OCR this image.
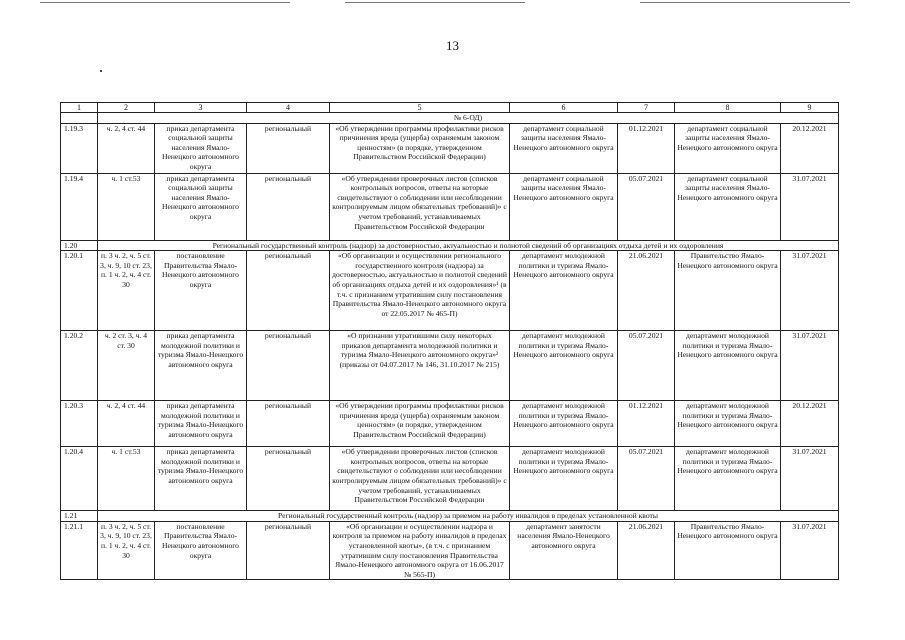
13
1	2	3	4	5	6	7	8	9
	№ 6-ОД)							
1.19.3	ч. 2, 4 ст. 44	приказ департамента социальной защиты населения Ямало-Ненецкого автономного округа	региональный	«Об утверждении программы профилактики рисков причинения вреда (ущерба) охраняемым законом ценностям» (в порядке, утвержденном Правительством Российской Федерации)	департамент социальной защиты населения Ямало-Ненецкого автономного округа	01.12.2021	департамент социальной защиты населения Ямало-Ненецкого автономного округа	20.12.2021
1.19.4	ч. 1 ст.53	приказ департамента социальной защиты населения Ямало-Ненецкого автономного округа	региональный	«Об утверждении проверочных листов (списков контрольных вопросов, ответы на которые свидетельствуют о соблюдении или несоблюдении контролируемым лицом обязательных требований)» с учетом требований, устанавливаемых Правительством Российской Федерации	департамент социальной защиты населения Ямало-Ненецкого автономного округа	05.07.2021	департамент социальной защиты населения Ямало-Ненецкого автономного округа	31.07.2021
1.20	Региональный государственный контроль (надзор) за достоверностью, актуальностью и полнотой сведений об организациях отдыха детей и их оздоровления							
1.20.1	п. 3 ч. 2, ч. 5 ст. 3, ч. 9, 10 ст. 23, п. 1 ч. 2, ч. 4 ст. 30	постановление Правительства Ямало-Ненецкого автономного округа	региональный	«Об организации и осуществлении регионального государственного контроля (надзора) за достоверностью, актуальностью и полнотой сведений об организациях отдыха детей и их оздоровления»¹ (в т.ч. с признанием утратившим силу постановления Правительства Ямало-Ненецкого автономного округа от 22.05.2017 № 465-П)	департамент молодежной политики и туризма Ямало-Ненецкого автономного округа	21.06.2021	Правительство Ямало-Ненецкого автономного округа	31.07.2021
1.20.2	ч. 2 ст. 3, ч. 4 ст. 30	приказ департамента молодежной политики и туризма Ямало-Ненецкого автономного округа	региональный	«О признании утратившими силу некоторых приказов департамента молодежной политики и туризма Ямало-Ненецкого автономного округа»² (приказы от 04.07.2017 № 146, 31.10.2017 № 215)	департамент молодежной политики и туризма Ямало-Ненецкого автономного округа	05.07.2021	департамент молодежной политики и туризма Ямало-Ненецкого автономного округа	31.07.2021
1.20.3	ч. 2, 4 ст. 44	приказ департамента молодежной политики и туризма Ямало-Ненецкого автономного округа	региональный	«Об утверждении программы профилактики рисков причинения вреда (ущерба) охраняемым законом ценностям» (в порядке, утвержденном Правительством Российской Федерации)	департамент молодежной политики и туризма Ямало-Ненецкого автономного округа	01.12.2021	департамент молодежной политики и туризма Ямало-Ненецкого автономного округа	20.12.2021
1.20.4	ч. 1 ст.53	приказ департамента молодежной политики и туризма Ямало-Ненецкого автономного округа	региональный	«Об утверждении проверочных листов (списков контрольных вопросов, ответы на которые свидетельствуют о соблюдении или несоблюдении контролируемым лицом обязательных требований)» с учетом требований, устанавливаемых Правительством Российской Федерации	департамент молодежной политики и туризма Ямало-Ненецкого автономного округа	05.07.2021	департамент молодежной политики и туризма Ямало-Ненецкого автономного округа	31.07.2021
1.21	Региональный государственный контроль (надзор) за приемом на работу инвалидов в пределах установленной квоты							
1.21.1	п. 3 ч. 2, ч. 5 ст. 3, ч. 9, 10 ст. 23, п. 1 ч. 2, ч. 4 ст. 30	постановление Правительства Ямало-Ненецкого автономного округа	региональный	«Об организации и осуществлении надзора и контроля за приемом на работу инвалидов в пределах установленной квоты», (в т.ч. с признанием утратившим силу постановления Правительства Ямало-Ненецкого автономного округа от 16.06.2017 № 565-П)	департамент занятости населения Ямало-Ненецкого автономного округа	21.06.2021	Правительство Ямало-Ненецкого автономного округа	31.07.2021
